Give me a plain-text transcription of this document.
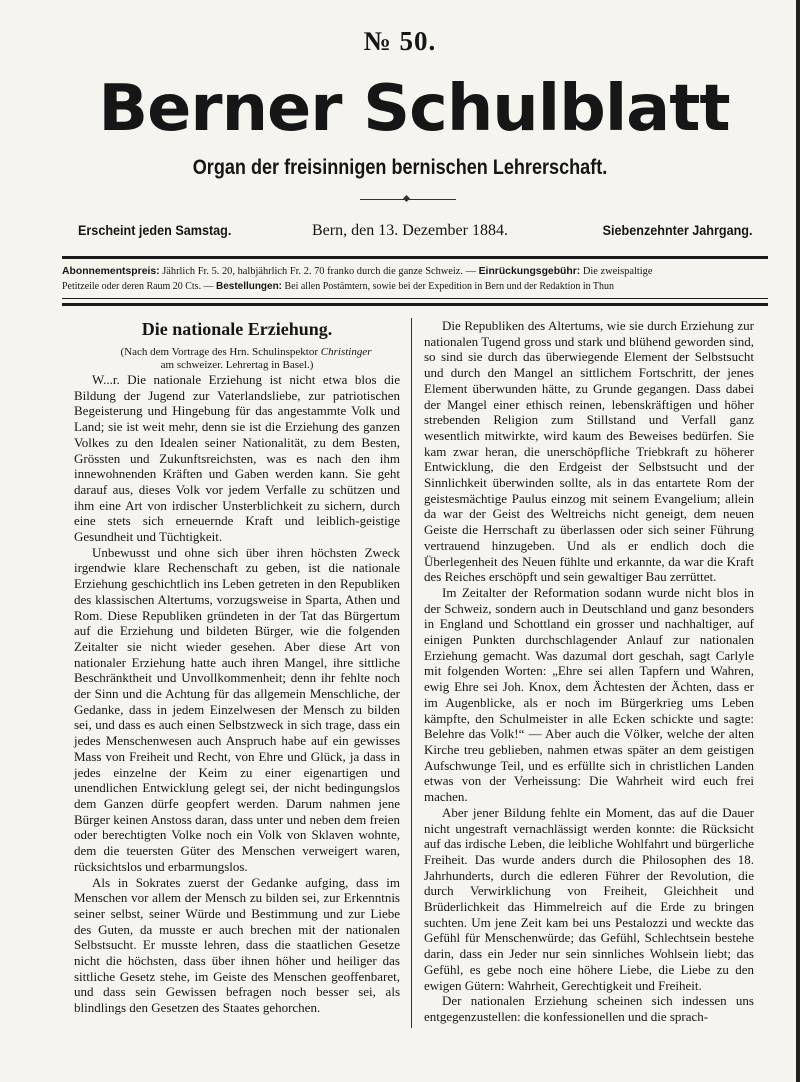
№ 50.
Berner Schulblatt
Organ der freisinnigen bernischen Lehrerschaft.
Erscheint jeden Samstag.	Bern, den 13. Dezember 1884.	Siebenzehnter Jahrgang.
Abonnementspreis: Jährlich Fr. 5. 20, halbjährlich Fr. 2. 70 franko durch die ganze Schweiz. — Einrückungsgebühr: Die zweispaltige
Petitzeile oder deren Raum 20 Cts. — Bestellungen: Bei allen Postämtern, sowie bei der Expedition in Bern und der Redaktion in Thun
Die nationale Erziehung.

(Nach dem Vortrage des Hrn. Schulinspektor Christinger
am schweizer. Lehrertag in Basel.)

W...r. Die nationale Erziehung ist nicht etwa blos die Bildung der Jugend zur Vaterlandsliebe, zur patriotischen Begeisterung und Hingebung für das angestammte Volk und Land; sie ist weit mehr, denn sie ist die Erziehung des ganzen Volkes zu den Idealen seiner Nationalität, zu dem Besten, Grössten und Zukunftsreichsten, was es nach den ihm innewohnenden Kräften und Gaben werden kann. Sie geht darauf aus, dieses Volk vor jedem Verfalle zu schützen und ihm eine Art von irdischer Unsterblichkeit zu sichern, durch eine stets sich erneuernde Kraft und leiblich-geistige Gesundheit und Tüchtigkeit.

Unbewusst und ohne sich über ihren höchsten Zweck irgendwie klare Rechenschaft zu geben, ist die nationale Erziehung geschichtlich ins Leben getreten in den Republiken des klassischen Altertums, vorzugsweise in Sparta, Athen und Rom. Diese Republiken gründeten in der Tat das Bürgertum auf die Erziehung und bildeten Bürger, wie die folgenden Zeitalter sie nicht wieder gesehen. Aber diese Art von nationaler Erziehung hatte auch ihren Mangel, ihre sittliche Beschränktheit und Unvollkommenheit; denn ihr fehlte noch der Sinn und die Achtung für das allgemein Menschliche, der Gedanke, dass in jedem Einzelwesen der Mensch zu bilden sei, und dass es auch einen Selbstzweck in sich trage, dass ein jedes Menschenwesen auch Anspruch habe auf ein gewisses Mass von Freiheit und Recht, von Ehre und Glück, ja dass in jedes einzelne der Keim zu einer eigenartigen und unendlichen Entwicklung gelegt sei, der nicht bedingungslos dem Ganzen dürfe geopfert werden. Darum nahmen jene Bürger keinen Anstoss daran, dass unter und neben dem freien oder berechtigten Volke noch ein Volk von Sklaven wohnte, dem die teuersten Güter des Menschen verweigert waren, rücksichtslos und erbarmungslos.

Als in Sokrates zuerst der Gedanke aufging, dass im Menschen vor allem der Mensch zu bilden sei, zur Erkenntnis seiner selbst, seiner Würde und Bestimmung und zur Liebe des Guten, da musste er auch brechen mit der nationalen Selbstsucht. Er musste lehren, dass die staatlichen Gesetze nicht die höchsten, dass über ihnen höher und heiliger das sittliche Gesetz stehe, im Geiste des Menschen geoffenbaret, und dass sein Gewissen befragen noch besser sei, als blindlings den Gesetzen des Staates gehorchen.

Die Republiken des Altertums, wie sie durch Erziehung zur nationalen Tugend gross und stark und blühend geworden sind, so sind sie durch das überwiegende Element der Selbstsucht und durch den Mangel an sittlichem Fortschritt, der jenes Element überwunden hätte, zu Grunde gegangen. Dass dabei der Mangel einer ethisch reinen, lebenskräftigen und höher strebenden Religion zum Stillstand und Verfall ganz wesentlich mitwirkte, wird kaum des Beweises bedürfen. Sie kam zwar heran, die unerschöpfliche Triebkraft zu höherer Entwicklung, die den Erdgeist der Selbstsucht und der Sinnlichkeit überwinden sollte, als in das entartete Rom der geistesmächtige Paulus einzog mit seinem Evangelium; allein da war der Geist des Weltreichs nicht geneigt, dem neuen Geiste die Herrschaft zu überlassen oder sich seiner Führung vertrauend hinzugeben. Und als er endlich doch die Überlegenheit des Neuen fühlte und erkannte, da war die Kraft des Reiches erschöpft und sein gewaltiger Bau zerrüttet.

Im Zeitalter der Reformation sodann wurde nicht blos in der Schweiz, sondern auch in Deutschland und ganz besonders in England und Schottland ein grosser und nachhaltiger, auf einigen Punkten durchschlagender Anlauf zur nationalen Erziehung gemacht. Was dazumal dort geschah, sagt Carlyle mit folgenden Worten: „Ehre sei allen Tapfern und Wahren, ewig Ehre sei Joh. Knox, dem Ächtesten der Ächten, dass er im Augenblicke, als er noch im Bürgerkrieg ums Leben kämpfte, den Schulmeister in alle Ecken schickte und sagte: Belehre das Volk!“ — Aber auch die Völker, welche der alten Kirche treu geblieben, nahmen etwas später an dem geistigen Aufschwunge Teil, und es erfüllte sich in christlichen Landen etwas von der Verheissung: Die Wahrheit wird euch frei machen.

Aber jener Bildung fehlte ein Moment, das auf die Dauer nicht ungestraft vernachlässigt werden konnte: die Rücksicht auf das irdische Leben, die leibliche Wohlfahrt und bürgerliche Freiheit. Das wurde anders durch die Philosophen des 18. Jahrhunderts, durch die edleren Führer der Revolution, die durch Verwirklichung von Freiheit, Gleichheit und Brüderlichkeit das Himmelreich auf die Erde zu bringen suchten. Um jene Zeit kam bei uns Pestalozzi und weckte das Gefühl für Menschenwürde; das Gefühl, Schlechtsein bestehe darin, dass ein Jeder nur sein sinnliches Wohlsein liebt; das Gefühl, es gebe noch eine höhere Liebe, die Liebe zu den ewigen Gütern: Wahrheit, Gerechtigkeit und Freiheit.

Der nationalen Erziehung scheinen sich indessen uns entgegenzustellen: die konfessionellen und die sprach-
